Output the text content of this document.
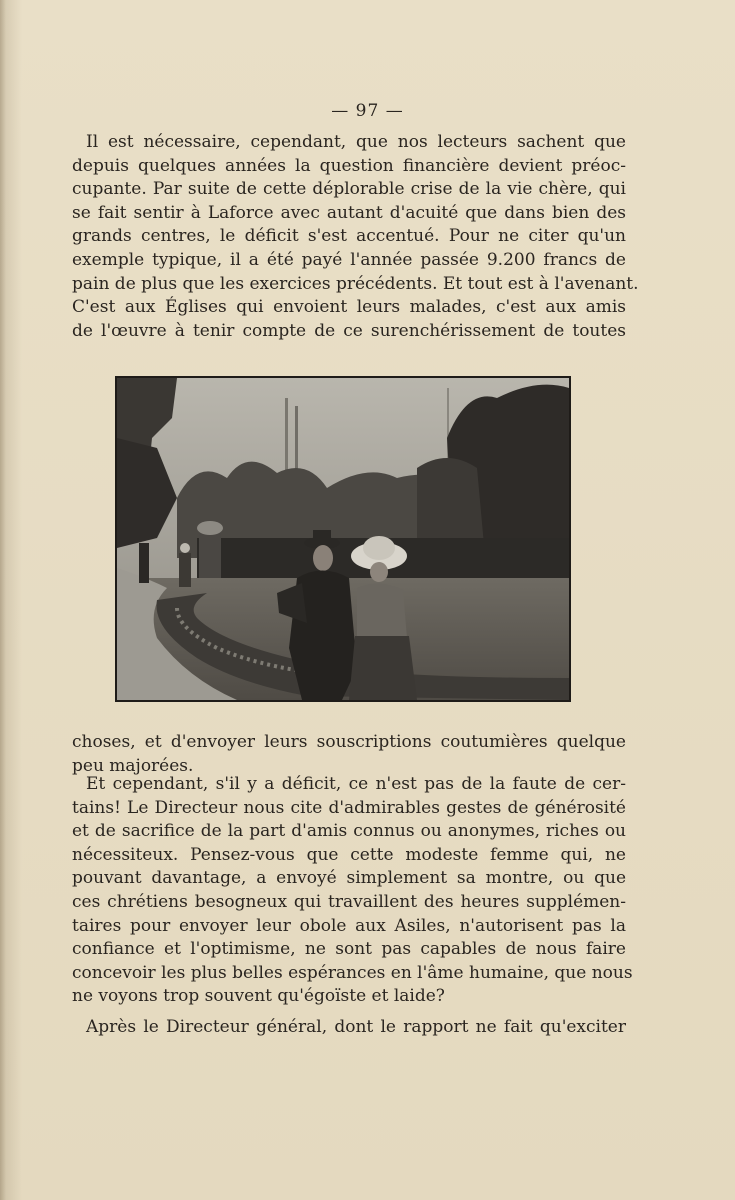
— 97 —

Il est nécessaire, cependant, que nos lecteurs sachent que
depuis quelques années la question financière devient préoc-
cupante. Par suite de cette déplorable crise de la vie chère, qui
se fait sentir à Laforce avec autant d'acuité que dans bien des
grands centres, le déficit s'est accentué. Pour ne citer qu'un
exemple typique, il a été payé l'année passée 9.200 francs de
pain de plus que les exercices précédents. Et tout est à l'avenant.
C'est aux Églises qui envoient leurs malades, c'est aux amis
de l'œuvre à tenir compte de ce surenchérissement de toutes

choses, et d'envoyer leurs souscriptions coutumières quelque
peu majorées.

Et cependant, s'il y a déficit, ce n'est pas de la faute de cer-
tains! Le Directeur nous cite d'admirables gestes de générosité
et de sacrifice de la part d'amis connus ou anonymes, riches ou
nécessiteux. Pensez-vous que cette modeste femme qui, ne
pouvant davantage, a envoyé simplement sa montre, ou que
ces chrétiens besogneux qui travaillent des heures supplémen-
taires pour envoyer leur obole aux Asiles, n'autorisent pas la
confiance et l'optimisme, ne sont pas capables de nous faire
concevoir les plus belles espérances en l'âme humaine, que nous
ne voyons trop souvent qu'égoïste et laide?

Après le Directeur général, dont le rapport ne fait qu'exciter
